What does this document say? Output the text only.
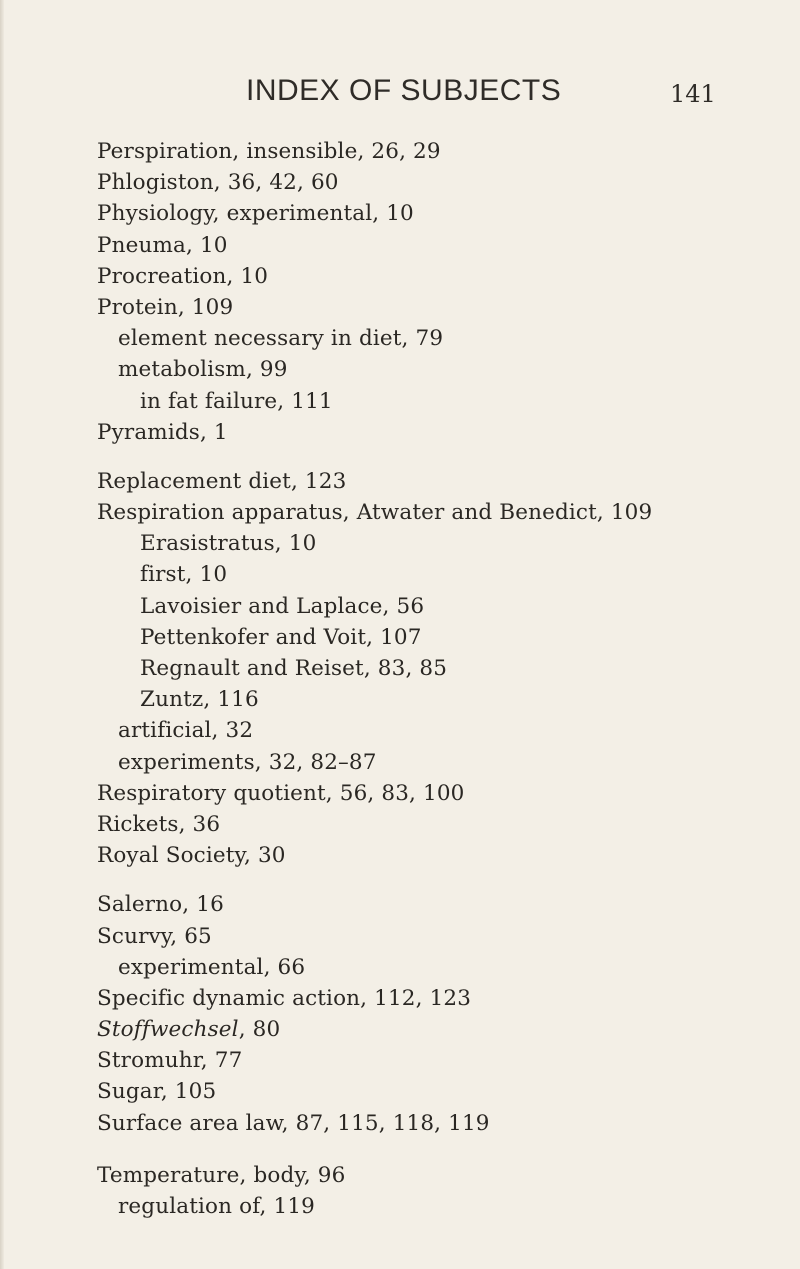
INDEX OF SUBJECTS	141
Perspiration, insensible, 26, 29
Phlogiston, 36, 42, 60
Physiology, experimental, 10
Pneuma, 10
Procreation, 10
Protein, 109
element necessary in diet, 79
metabolism, 99
in fat failure, 111
Pyramids, 1
Replacement diet, 123
Respiration apparatus, Atwater and Benedict, 109
Erasistratus, 10
first, 10
Lavoisier and Laplace, 56
Pettenkofer and Voit, 107
Regnault and Reiset, 83, 85
Zuntz, 116
artificial, 32
experiments, 32, 82–87
Respiratory quotient, 56, 83, 100
Rickets, 36
Royal Society, 30
Salerno, 16
Scurvy, 65
experimental, 66
Specific dynamic action, 112, 123
Stoffwechsel, 80
Stromuhr, 77
Sugar, 105
Surface area law, 87, 115, 118, 119
Temperature, body, 96
regulation of, 119
